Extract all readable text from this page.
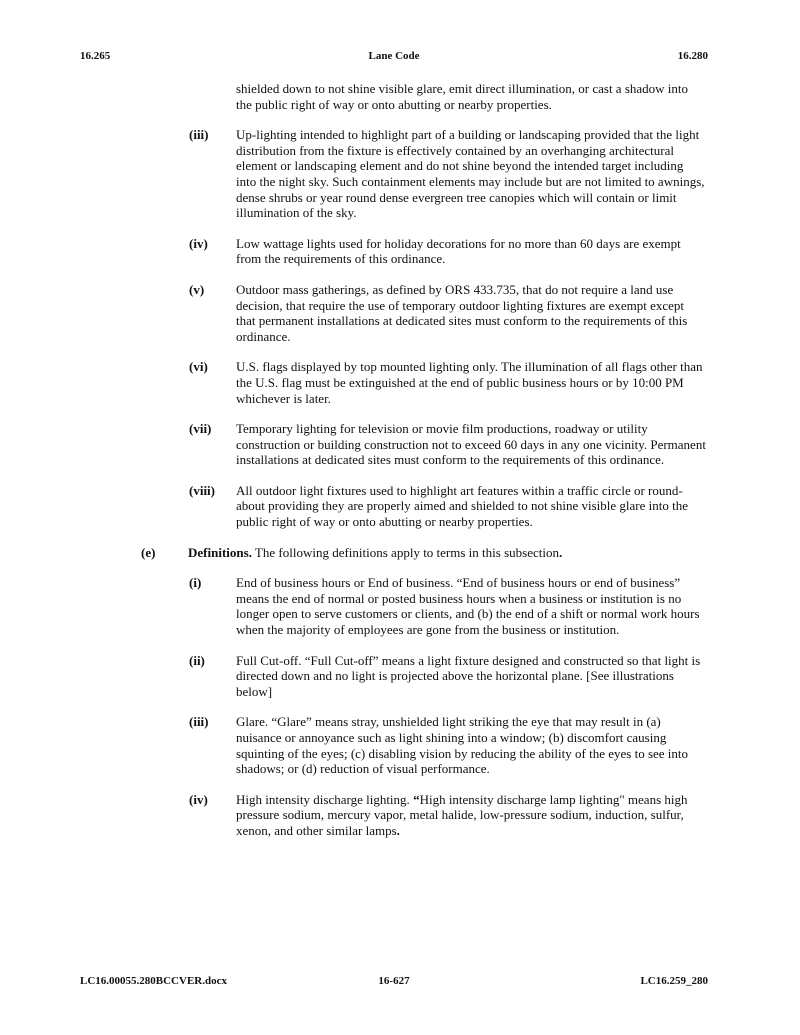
16.265	Lane Code	16.280

shielded down to not shine visible glare, emit direct illumination, or cast a shadow into the public right of way or onto abutting or nearby properties.

(iii)	Up-lighting intended to highlight part of a building or landscaping provided that the light distribution from the fixture is effectively contained by an overhanging architectural element or landscaping element and do not shine beyond the intended target including into the night sky. Such containment elements may include but are not limited to awnings, dense shrubs or year round dense evergreen tree canopies which will contain or limit illumination of the sky.

(iv)	Low wattage lights used for holiday decorations for no more than 60 days are exempt from the requirements of this ordinance.

(v)	Outdoor mass gatherings, as defined by ORS 433.735, that do not require a land use decision, that require the use of temporary outdoor lighting fixtures are exempt except that permanent installations at dedicated sites must conform to the requirements of this ordinance.

(vi)	U.S. flags displayed by top mounted lighting only. The illumination of all flags other than the U.S. flag must be extinguished at the end of public business hours or by 10:00 PM whichever is later.

(vii)	Temporary lighting for television or movie film productions, roadway or utility construction or building construction not to exceed 60 days in any one vicinity. Permanent installations at dedicated sites must conform to the requirements of this ordinance.

(viii)	All outdoor light fixtures used to highlight art features within a traffic circle or round-about providing they are properly aimed and shielded to not shine visible glare into the public right of way or onto abutting or nearby properties.

(e)	Definitions. The following definitions apply to terms in this subsection.

(i)	End of business hours or End of business. “End of business hours or end of business” means the end of normal or posted business hours when a business or institution is no longer open to serve customers or clients, and (b) the end of a shift or normal work hours when the majority of employees are gone from the business or institution.

(ii)	Full Cut-off. “Full Cut-off” means a light fixture designed and constructed so that light is directed down and no light is projected above the horizontal plane. [See illustrations below]

(iii)	Glare. “Glare” means stray, unshielded light striking the eye that may result in (a) nuisance or annoyance such as light shining into a window; (b) discomfort causing squinting of the eyes; (c) disabling vision by reducing the ability of the eyes to see into shadows; or (d) reduction of visual performance.

(iv)	High intensity discharge lighting. “High intensity discharge lamp lighting" means high pressure sodium, mercury vapor, metal halide, low-pressure sodium, induction, sulfur, xenon, and other similar lamps.

LC16.00055.280BCCVER.docx	16-627	LC16.259_280
